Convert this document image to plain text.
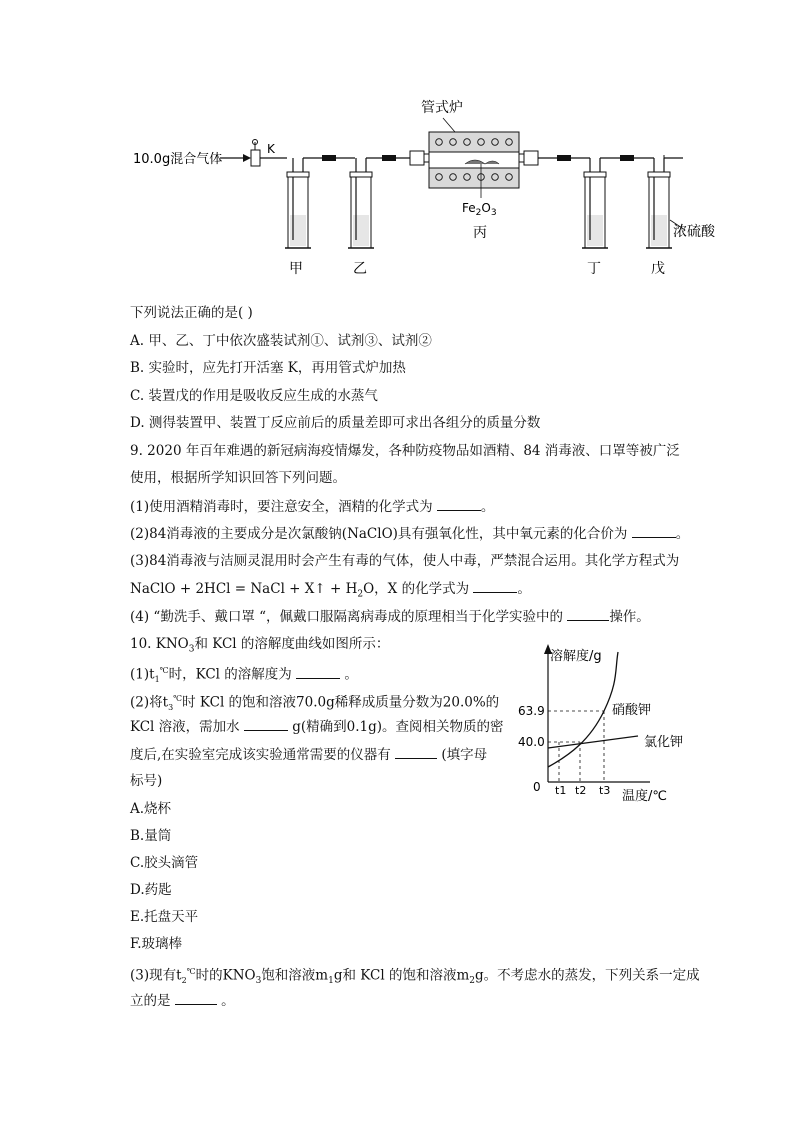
管式炉
10.0g混合气体
K
$Fe_2O_3$
丙
甲	乙	丁	戊
浓硫酸
下列说法正确的是( )
A. 甲、乙、丁中依次盛装试剂①、试剂③、试剂②
B. 实验时，应先打开活塞 K，再用管式炉加热
C. 装置戊的作用是吸收反应生成的水蒸气
D. 测得装置甲、装置丁反应前后的质量差即可求出各组分的质量分数
9. 2020 年百年难遇的新冠病海疫情爆发，各种防疫物品如酒精、84 消毒液、口罩等被广泛
使用，根据所学知识回答下列问题。
(1)使用酒精消毒时，要注意安全，酒精的化学式为	。
(2)84消毒液的主要成分是次氯酸钠(NaClO)具有强氧化性，其中氧元素的化合价为	。
(3)84消毒液与洁厕灵混用时会产生有毒的气体，使人中毒，严禁混合运用。其化学方程式为
NaClO + 2HCl = NaCl + X↑ + $H_2O$，X 的化学式为	。
(4) “勤洗手、戴口罩 “，佩戴口服隔离病毒成的原理相当于化学实验中的	操作。
10. $KNO_3$和 KCl 的溶解度曲线如图所示：
$(1)t_1^℃$时，KCl 的溶解度为	。
(2)将$t_3^℃$时 KCl 的饱和溶液70.0g稀释成质量分数为20.0%的
KCl 溶液，需加水	g(精确到0.1g)。查阅相关物质的密
度后,在实验室完成该实验通常需要的仪器有	(填字母
标号)
A.烧杯
B.量筒
C.胶头滴管
D.药匙
E.托盘天平
F.玻璃棒
(3)现有$t_2^℃$时的$KNO_3$饱和溶液$m_1g$和 KCl 的饱和溶液$m_2g$。不考虑水的蒸发，下列关系一定成
立的是	。
溶解度/g
温度/℃
0
40.0
63.9
t1 t2 t3
硝酸钾
氯化钾
